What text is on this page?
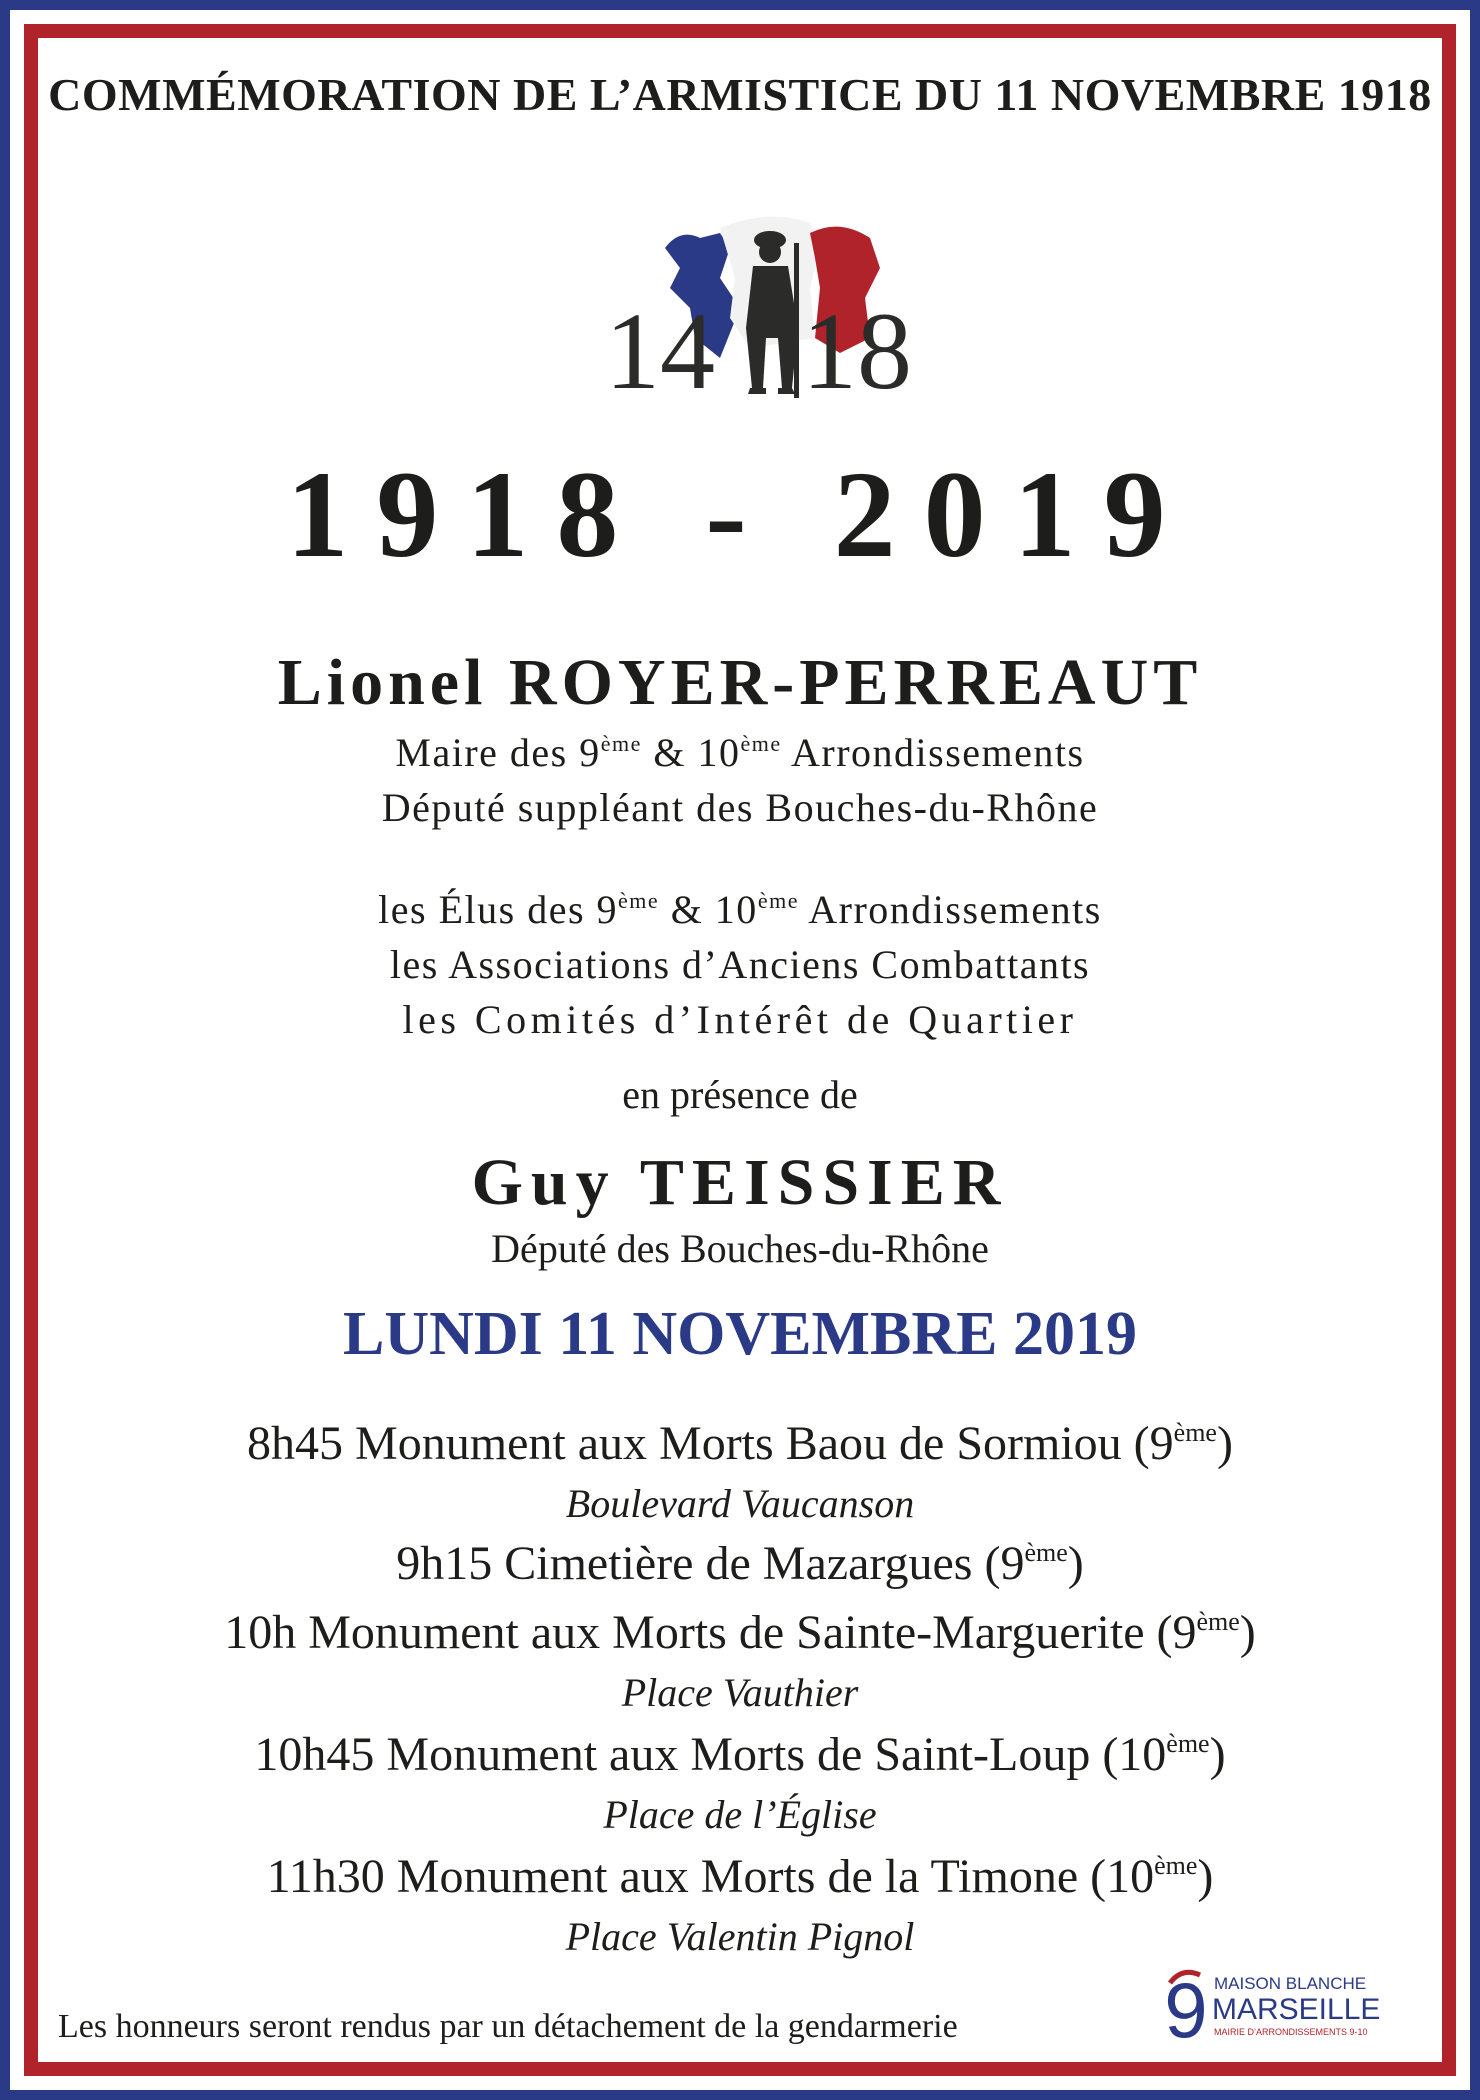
COMMÉMORATION DE L’ARMISTICE DU 11 NOVEMBRE 1918
14 18
1918 - 2019
Lionel ROYER-PERREAUT
Maire des 9ème & 10ème Arrondissements
Député suppléant des Bouches-du-Rhône
les Élus des 9ème & 10ème Arrondissements
les Associations d’Anciens Combattants
les Comités d’Intérêt de Quartier
en présence de
Guy TEISSIER
Député des Bouches-du-Rhône
LUNDI 11 NOVEMBRE 2019
8h45 Monument aux Morts Baou de Sormiou (9ème)
Boulevard Vaucanson
9h15 Cimetière de Mazargues (9ème)
10h Monument aux Morts de Sainte-Marguerite (9ème)
Place Vauthier
10h45 Monument aux Morts de Saint-Loup (10ème)
Place de l’Église
11h30 Monument aux Morts de la Timone (10ème)
Place Valentin Pignol
Les honneurs seront rendus par un détachement de la gendarmerie	9 MAISON BLANCHE
MARSEILLE
MAIRIE D’ARRONDISSEMENTS 9-10
